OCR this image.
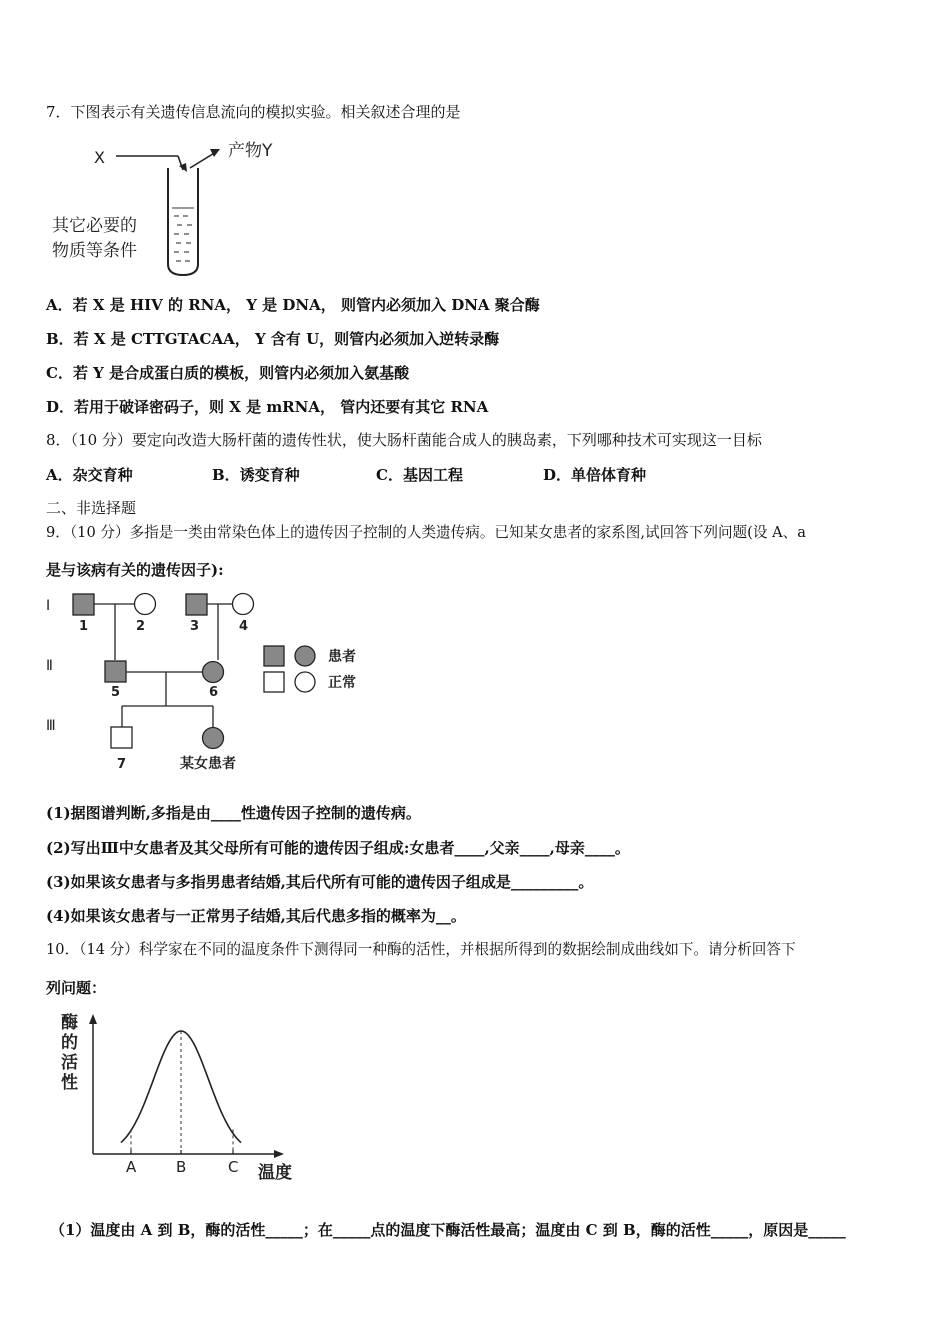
7．下图表示有关遗传信息流向的模拟实验。相关叙述合理的是
X	产物Y
其它必要的
物质等条件
A．若 X 是 HIV 的 RNA， Y 是 DNA， 则管内必须加入 DNA 聚合酶
B．若 X 是 CTTGTACAA， Y 含有 U，则管内必须加入逆转录酶
C．若 Y 是合成蛋白质的模板，则管内必须加入氨基酸
D．若用于破译密码子，则 X 是 mRNA， 管内还要有其它 RNA
8．（10 分）要定向改造大肠杆菌的遗传性状，使大肠杆菌能合成人的胰岛素，下列哪种技术可实现这一目标
A．杂交育种	B．诱变育种	C．基因工程	D．单倍体育种
二、非选择题
9．（10 分）多指是一类由常染色体上的遗传因子控制的人类遗传病。已知某女患者的家系图,试回答下列问题(设 A、a
是与该病有关的遗传因子):
Ⅰ
Ⅱ
Ⅲ
1	2	3	4
5	6
7	某女患者
患者
正常
(1)据图谱判断,多指是由____性遗传因子控制的遗传病。
(2)写出Ⅲ中女患者及其父母所有可能的遗传因子组成:女患者____,父亲____,母亲____。
(3)如果该女患者与多指男患者结婚,其后代所有可能的遗传因子组成是_________。
(4)如果该女患者与一正常男子结婚,其后代患多指的概率为__。
10．（14 分）科学家在不同的温度条件下测得同一种酶的活性，并根据所得到的数据绘制成曲线如下。请分析回答下
列问题：
酶
的
活
性
温度
A	B	C
（1）温度由 A 到 B，酶的活性_____；在_____点的温度下酶活性最高；温度由 C 到 B，酶的活性_____，原因是_____
